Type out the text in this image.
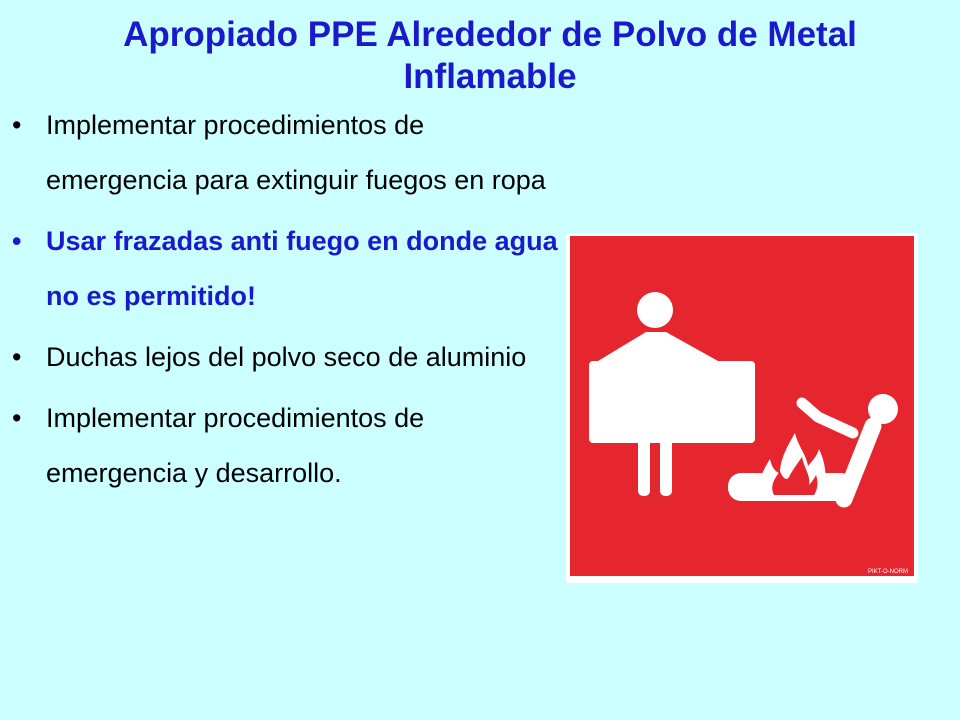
Apropiado PPE Alrededor de Polvo de Metal Inflamable
• Implementar procedimientos de emergencia para extinguir fuegos en ropa
• Usar frazadas anti fuego en donde agua no es permitido!
• Duchas lejos del polvo seco de aluminio
• Implementar procedimientos de emergencia y desarrollo.
PIKT-O-NORM
